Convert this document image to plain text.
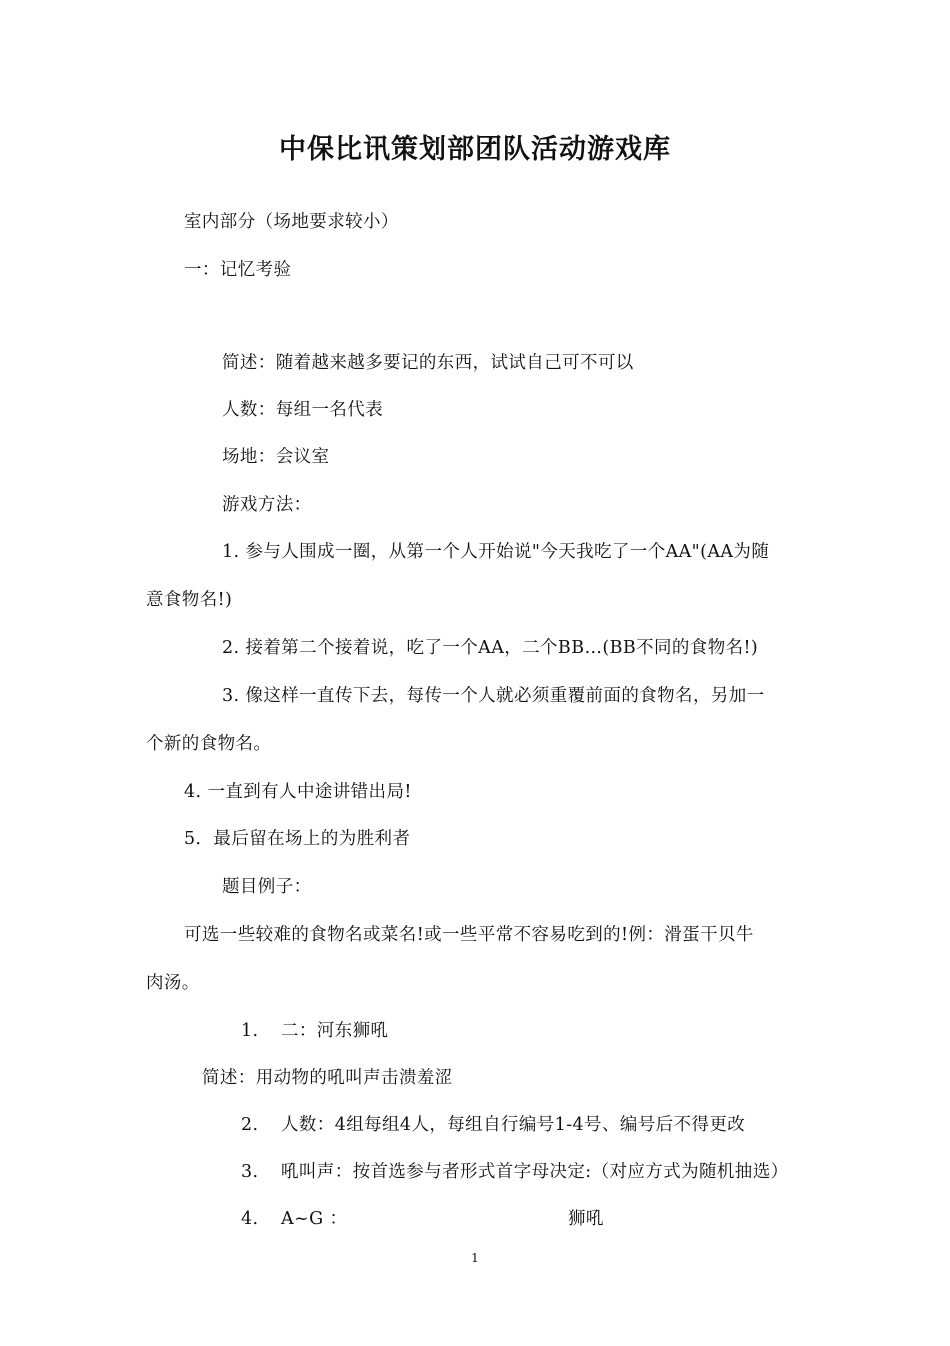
中保比讯策划部团队活动游戏库
室内部分（场地要求较小）
一：记忆考验
简述：随着越来越多要记的东西，试试自己可不可以
人数：每组一名代表
场地：会议室
游戏方法：
1. 参与人围成一圈，从第一个人开始说"今天我吃了一个AA"(AA为随
意食物名!)
2. 接着第二个接着说，吃了一个AA，二个BB…(BB不同的食物名!)
3. 像这样一直传下去，每传一个人就必须重覆前面的食物名，另加一
个新的食物名。
4. 一直到有人中途讲错出局!
5．最后留在场上的为胜利者
题目例子：
可选一些较难的食物名或菜名!或一些平常不容易吃到的!例：滑蛋干贝牛
肉汤。
1. 二：河东狮吼
简述：用动物的吼叫声击溃羞涩
2. 人数：4组每组4人，每组自行编号1-4号、编号后不得更改
3. 吼叫声：按首选参与者形式首字母决定:（对应方式为随机抽选）
4. A~G ：	狮吼
1
